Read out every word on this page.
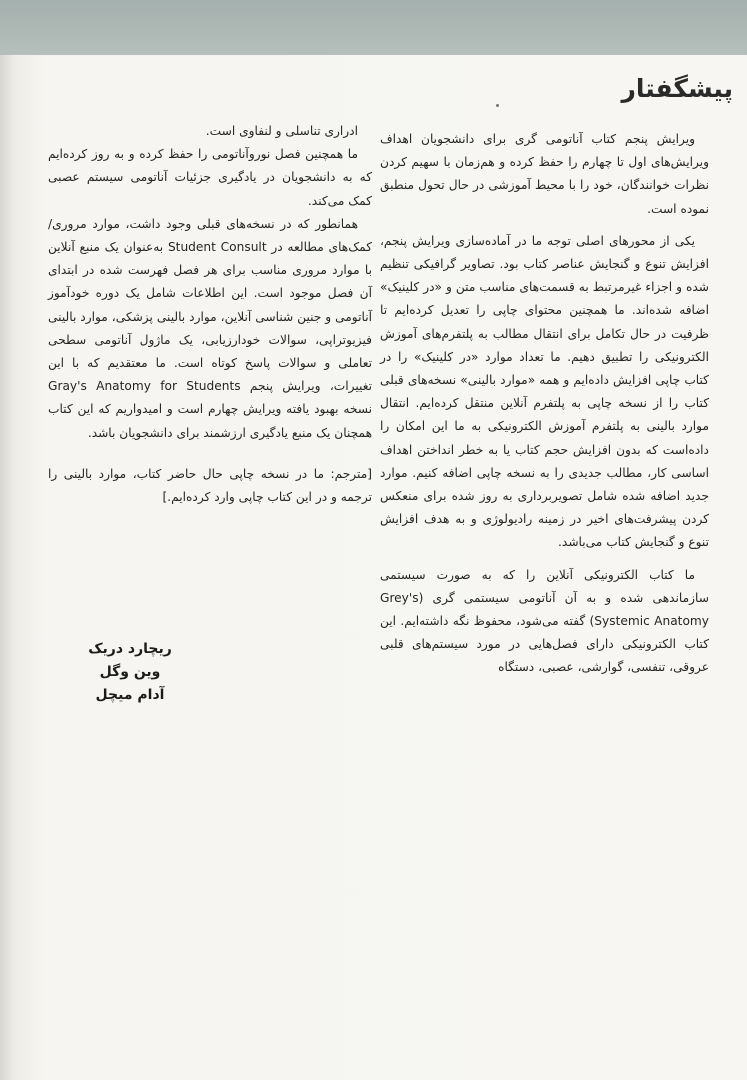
پیشگفتار

ویرایش پنجم کتاب آناتومی گری برای دانشجویان اهداف ویرایش‌های اول تا چهارم را حفظ کرده و هم‌زمان با سهیم کردن نظرات خوانندگان، خود را با محیط آموزشی در حال تحول منطبق نموده است.

یکی از محورهای اصلی توجه ما در آماده‌سازی ویرایش پنجم، افزایش تنوع و گنجایش عناصر کتاب بود. تصاویر گرافیکی تنظیم شده و اجزاء غیرمرتبط به قسمت‌های مناسب متن و «در کلینیک» اضافه شده‌اند. ما همچنین محتوای چاپی را تعدیل کرده‌ایم تا ظرفیت در حال تکامل برای انتقال مطالب به پلتفرم‌های آموزش الکترونیکی را تطبیق دهیم. ما تعداد موارد «در کلینیک» را در کتاب چاپی افزایش داده‌ایم و همه «موارد بالینی» نسخه‌های قبلی کتاب را از نسخه چاپی به پلتفرم آنلاین منتقل کرده‌ایم. انتقال موارد بالینی به پلتفرم آموزش الکترونیکی به ما این امکان را داده‌است که بدون افزایش حجم کتاب یا به خطر انداختن اهداف اساسی کار، مطالب جدیدی را به نسخه چاپی اضافه کنیم. موارد جدید اضافه شده شامل تصویربرداری به روز شده برای منعکس کردن پیشرفت‌های اخیر در زمینه رادیولوژی و به هدف افزایش تنوع و گنجایش کتاب می‌باشد.

ما کتاب الکترونیکی آنلاین را که به صورت سیستمی سازماندهی شده و به آن آناتومی سیستمی گری (Grey's Systemic Anatomy) گفته می‌شود، محفوظ نگه داشته‌ایم. این کتاب الکترونیکی دارای فصل‌هایی در مورد سیستم‌های قلبی عروقی، تنفسی، گوارشی، عصبی، دستگاه

ادراری تناسلی و لنفاوی است.

ما همچنین فصل نوروآناتومی را حفظ کرده و به روز کرده‌ایم که به دانشجویان در یادگیری جزئیات آناتومی سیستم عصبی کمک می‌کند.

همانطور که در نسخه‌های قبلی وجود داشت، موارد مروری/کمک‌های مطالعه در Student Consult به‌عنوان یک منبع آنلاین با موارد مروری مناسب برای هر فصل فهرست شده در ابتدای آن فصل موجود است. این اطلاعات شامل یک دوره خودآموز آناتومی و جنین شناسی آنلاین، موارد بالینی پزشکی، موارد بالینی فیزیوتراپی، سوالات خودارزیابی، یک ماژول آناتومی سطحی تعاملی و سوالات پاسخ کوتاه است. ما معتقدیم که با این تغییرات، ویرایش پنجم Gray's Anatomy for Students نسخه بهبود یافته ویرایش چهارم است و امیدواریم که این کتاب همچنان یک منبع یادگیری ارزشمند برای دانشجویان باشد.

[مترجم: ما در نسخه چاپی حال حاضر کتاب، موارد بالینی را ترجمه و در این کتاب چاپی وارد کرده‌ایم.]

ریچارد دریک
وین وگل
آدام میچل
